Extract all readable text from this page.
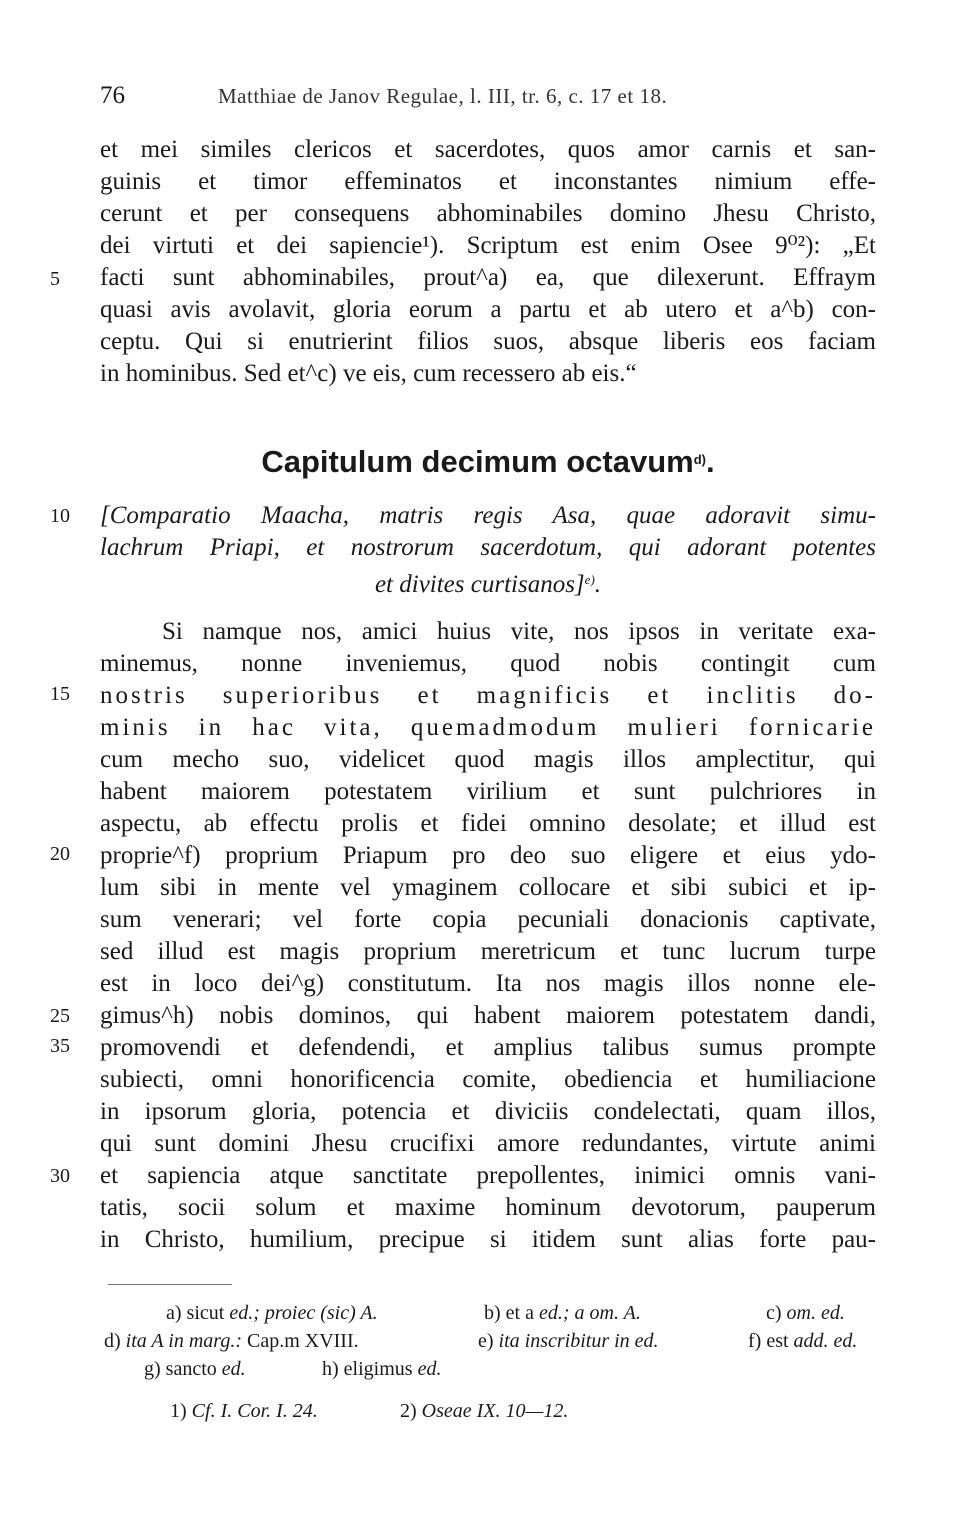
76	Matthiae de Janov Regulae, l. III, tr. 6, c. 17 et 18.
5
10
15
20
25
30
35
et mei similes clericos et sacerdotes, quos amor carnis et san-
guinis et timor effeminatos et inconstantes nimium effe-
cerunt et per consequens abhominabiles domino Jhesu Christo,
dei virtuti et dei sapiencie¹). Scriptum est enim Osee 9⁰²): „Et
facti sunt abhominabiles, prout^a) ea, que dilexerunt. Effraym
quasi avis avolavit, gloria eorum a partu et ab utero et a^b) con-
ceptu. Qui si enutrierint filios suos, absque liberis eos faciam
in hominibus. Sed et^c) ve eis, cum recessero ab eis.“
Capitulum decimum octavum$^{d)}$.
[Comparatio Maacha, matris regis Asa, quae adoravit simu-
lachrum Priapi, et nostrorum sacerdotum, qui adorant potentes
et divites curtisanos]$^{e)}$.
Si namque nos, amici huius vite, nos ipsos in veritate exa-
minemus, nonne inveniemus, quod nobis contingit cum
nostris superioribus et magnificis et inclitis do-
minis in hac vita, quemadmodum mulieri fornicarie
cum mecho suo, videlicet quod magis illos amplectitur, qui
habent maiorem potestatem virilium et sunt pulchriores in
aspectu, ab effectu prolis et fidei omnino desolate; et illud est
proprie^f) proprium Priapum pro deo suo eligere et eius ydo-
lum sibi in mente vel ymaginem collocare et sibi subici et ip-
sum venerari; vel forte copia pecuniali donacionis captivate,
sed illud est magis proprium meretricum et tunc lucrum turpe
est in loco dei^g) constitutum. Ita nos magis illos nonne ele-
gimus^h) nobis dominos, qui habent maiorem potestatem dandi,
promovendi et defendendi, et amplius talibus sumus prompte
subiecti, omni honorificencia comite, obediencia et humiliacione
in ipsorum gloria, potencia et diviciis condelectati, quam illos,
qui sunt domini Jhesu crucifixi amore redundantes, virtute animi
et sapiencia atque sanctitate prepollentes, inimici omnis vani-
tatis, socii solum et maxime hominum devotorum, pauperum
in Christo, humilium, precipue si itidem sunt alias forte pau-
a) sicut ed.; proiec (sic) A.	b) et a ed.; a om. A.	c) om. ed.
d) ita A in marg.: Cap.m XVIII.	e) ita inscribitur in ed.	f) est add. ed.
g) sancto ed.	h) eligimus ed.
1) Cf. I. Cor. I. 24.	2) Oseae IX. 10—12.
